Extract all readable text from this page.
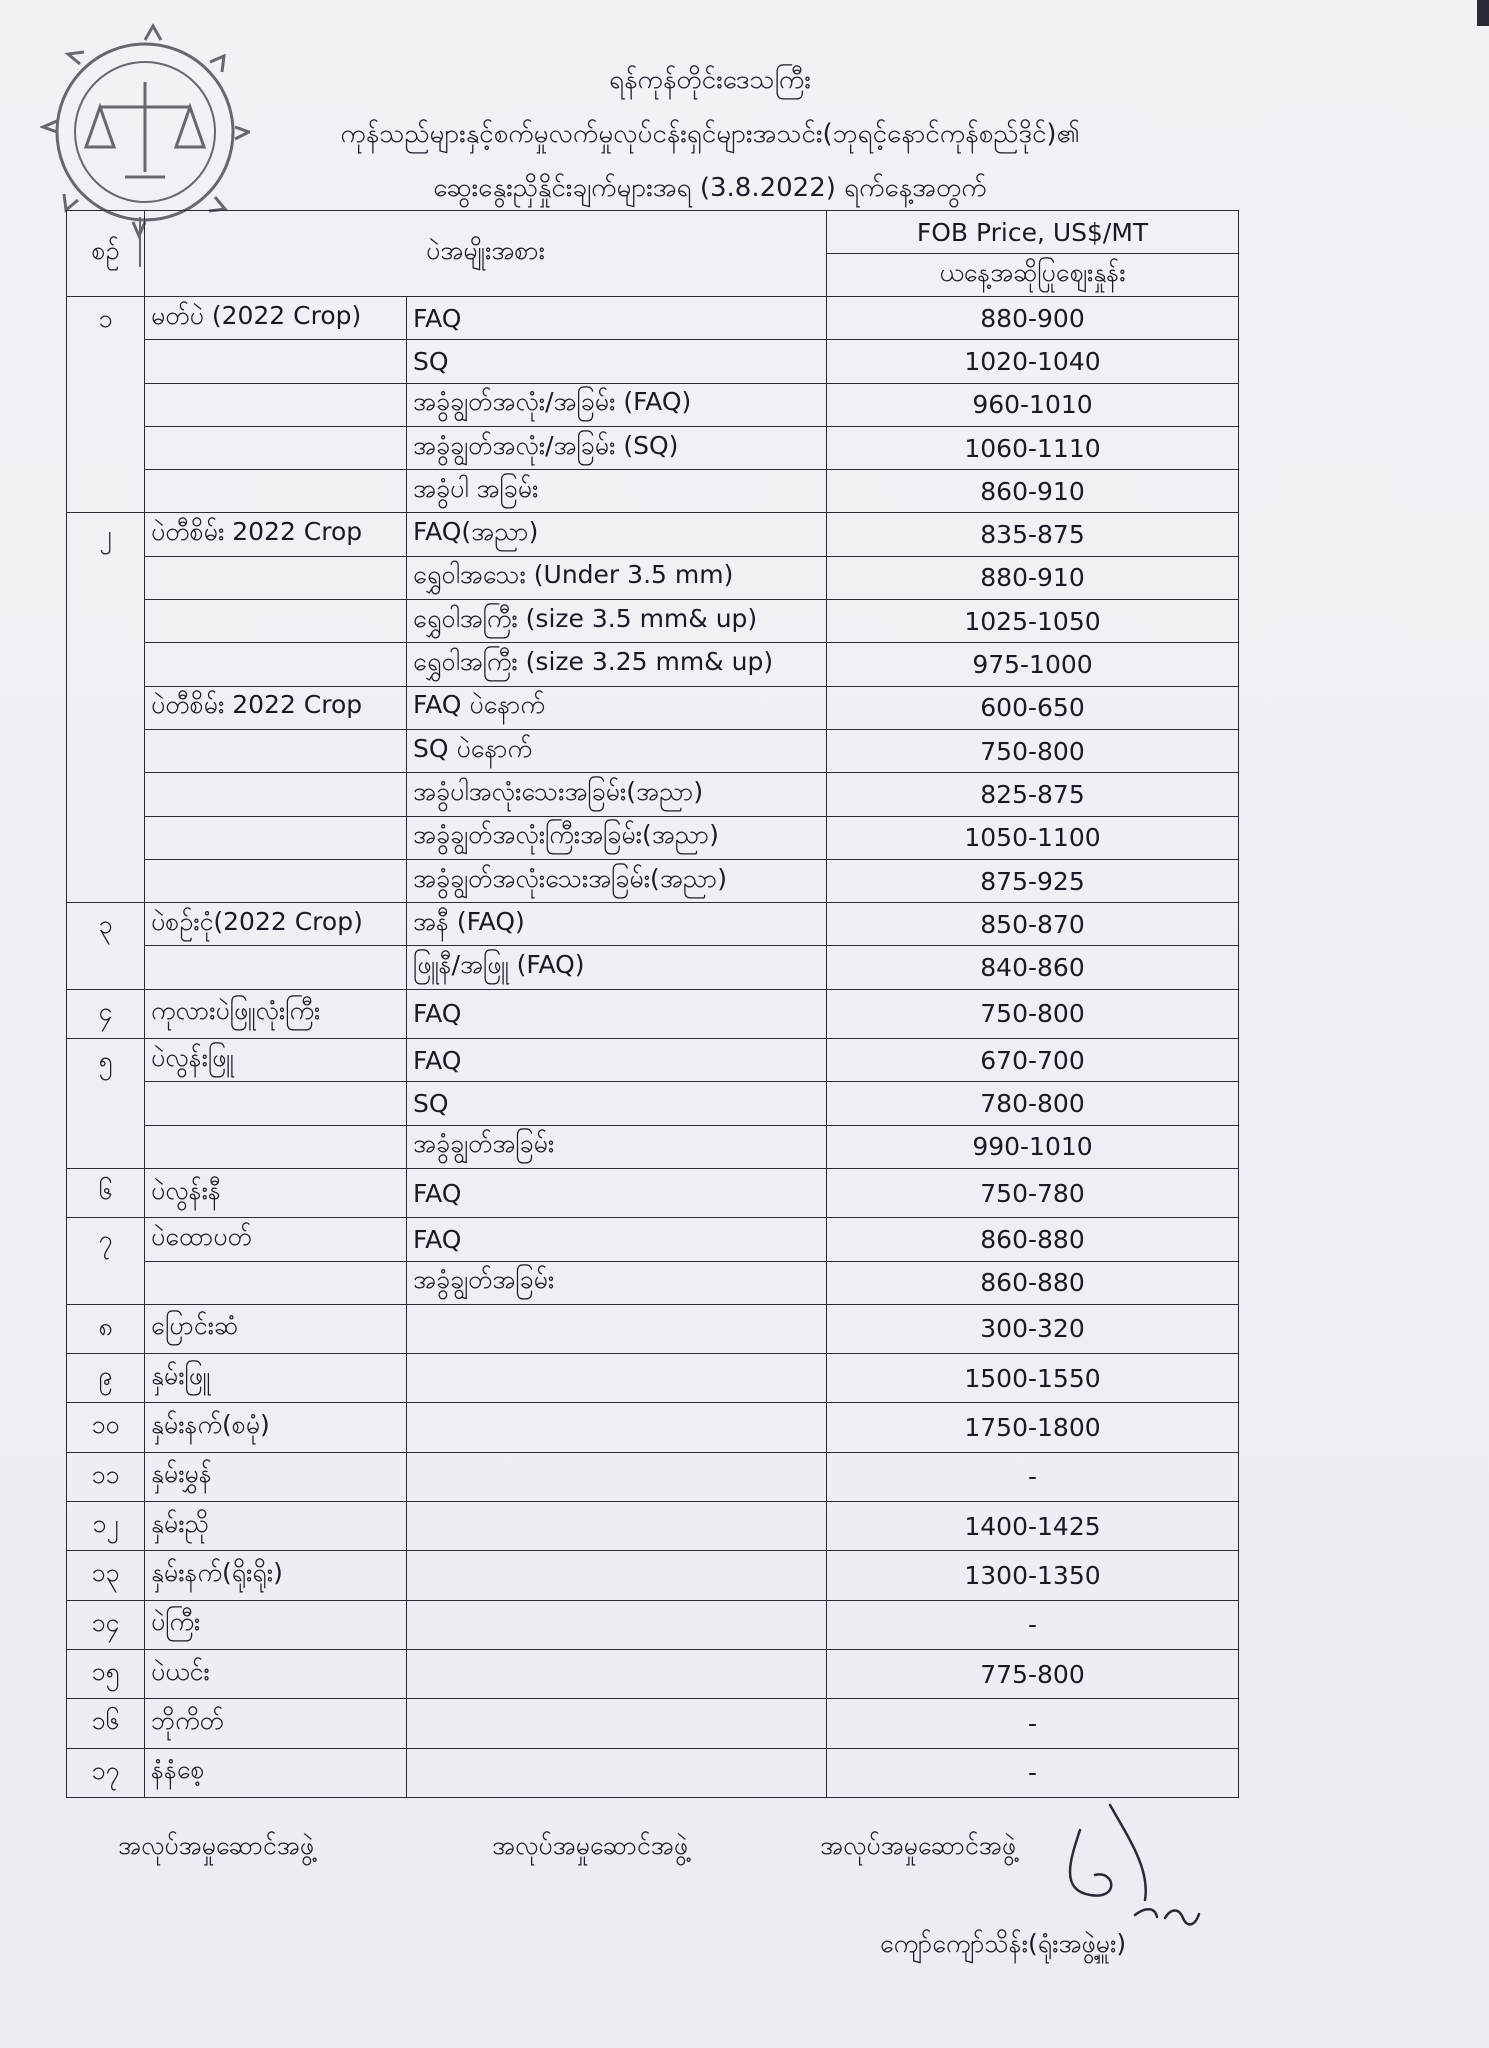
ရန်ကုန်တိုင်းဒေသကြီး
ကုန်သည်များနှင့်စက်မှုလက်မှုလုပ်ငန်းရှင်များအသင်း(ဘုရင့်နောင်ကုန်စည်ဒိုင်)၏
ဆွေးနွေးညှိနှိုင်းချက်များအရ (3.8.2022) ရက်နေ့အတွက်
စဉ်	ပဲအမျိုးအစား		FOB Price, US$/MT
			ယနေ့အဆိုပြုဈေးနှုန်း
၁	မတ်ပဲ (2022 Crop)	FAQ	880-900
		SQ	1020-1040
		အခွံချွတ်အလုံး/အခြမ်း (FAQ)	960-1010
		အခွံချွတ်အလုံး/အခြမ်း (SQ)	1060-1110
		အခွံပါ အခြမ်း	860-910
၂	ပဲတီစိမ်း 2022 Crop	FAQ(အညာ)	835-875
		ရွှေဝါအသေး (Under 3.5 mm)	880-910
		ရွှေဝါအကြီး (size 3.5 mm& up)	1025-1050
		ရွှေဝါအကြီး (size 3.25 mm& up)	975-1000
	ပဲတီစိမ်း 2022 Crop	FAQ ပဲနောက်	600-650
		SQ ပဲနောက်	750-800
		အခွံပါအလုံးသေးအခြမ်း(အညာ)	825-875
		အခွံချွတ်အလုံးကြီးအခြမ်း(အညာ)	1050-1100
		အခွံချွတ်အလုံးသေးအခြမ်း(အညာ)	875-925
၃	ပဲစဉ်းငုံ(2022 Crop)	အနီ (FAQ)	850-870
		ဖြူနီ/အဖြူ (FAQ)	840-860
၄	ကုလားပဲဖြူလုံးကြီး	FAQ	750-800
၅	ပဲလွန်းဖြူ	FAQ	670-700
		SQ	780-800
		အခွံချွတ်အခြမ်း	990-1010
၆	ပဲလွန်းနီ	FAQ	750-780
၇	ပဲထောပတ်	FAQ	860-880
		အခွံချွတ်အခြမ်း	860-880
၈	ပြောင်းဆံ		300-320
၉	နှမ်းဖြူ		1500-1550
၁၀	နှမ်းနက်(စမုံ)		1750-1800
၁၁	နှမ်းမွှန်		-
၁၂	နှမ်းညို		1400-1425
၁၃	နှမ်းနက်(ရိုးရိုး)		1300-1350
၁၄	ပဲကြီး		-
၁၅	ပဲယင်း		775-800
၁၆	ဘိုကိတ်		-
၁၇	နံနံစေ့		-
အလုပ်အမှုဆောင်အဖွဲ့	အလုပ်အမှုဆောင်အဖွဲ့	အလုပ်အမှုဆောင်အဖွဲ့
ကျော်ကျော်သိန်း(ရုံးအဖွဲ့မှူး)
